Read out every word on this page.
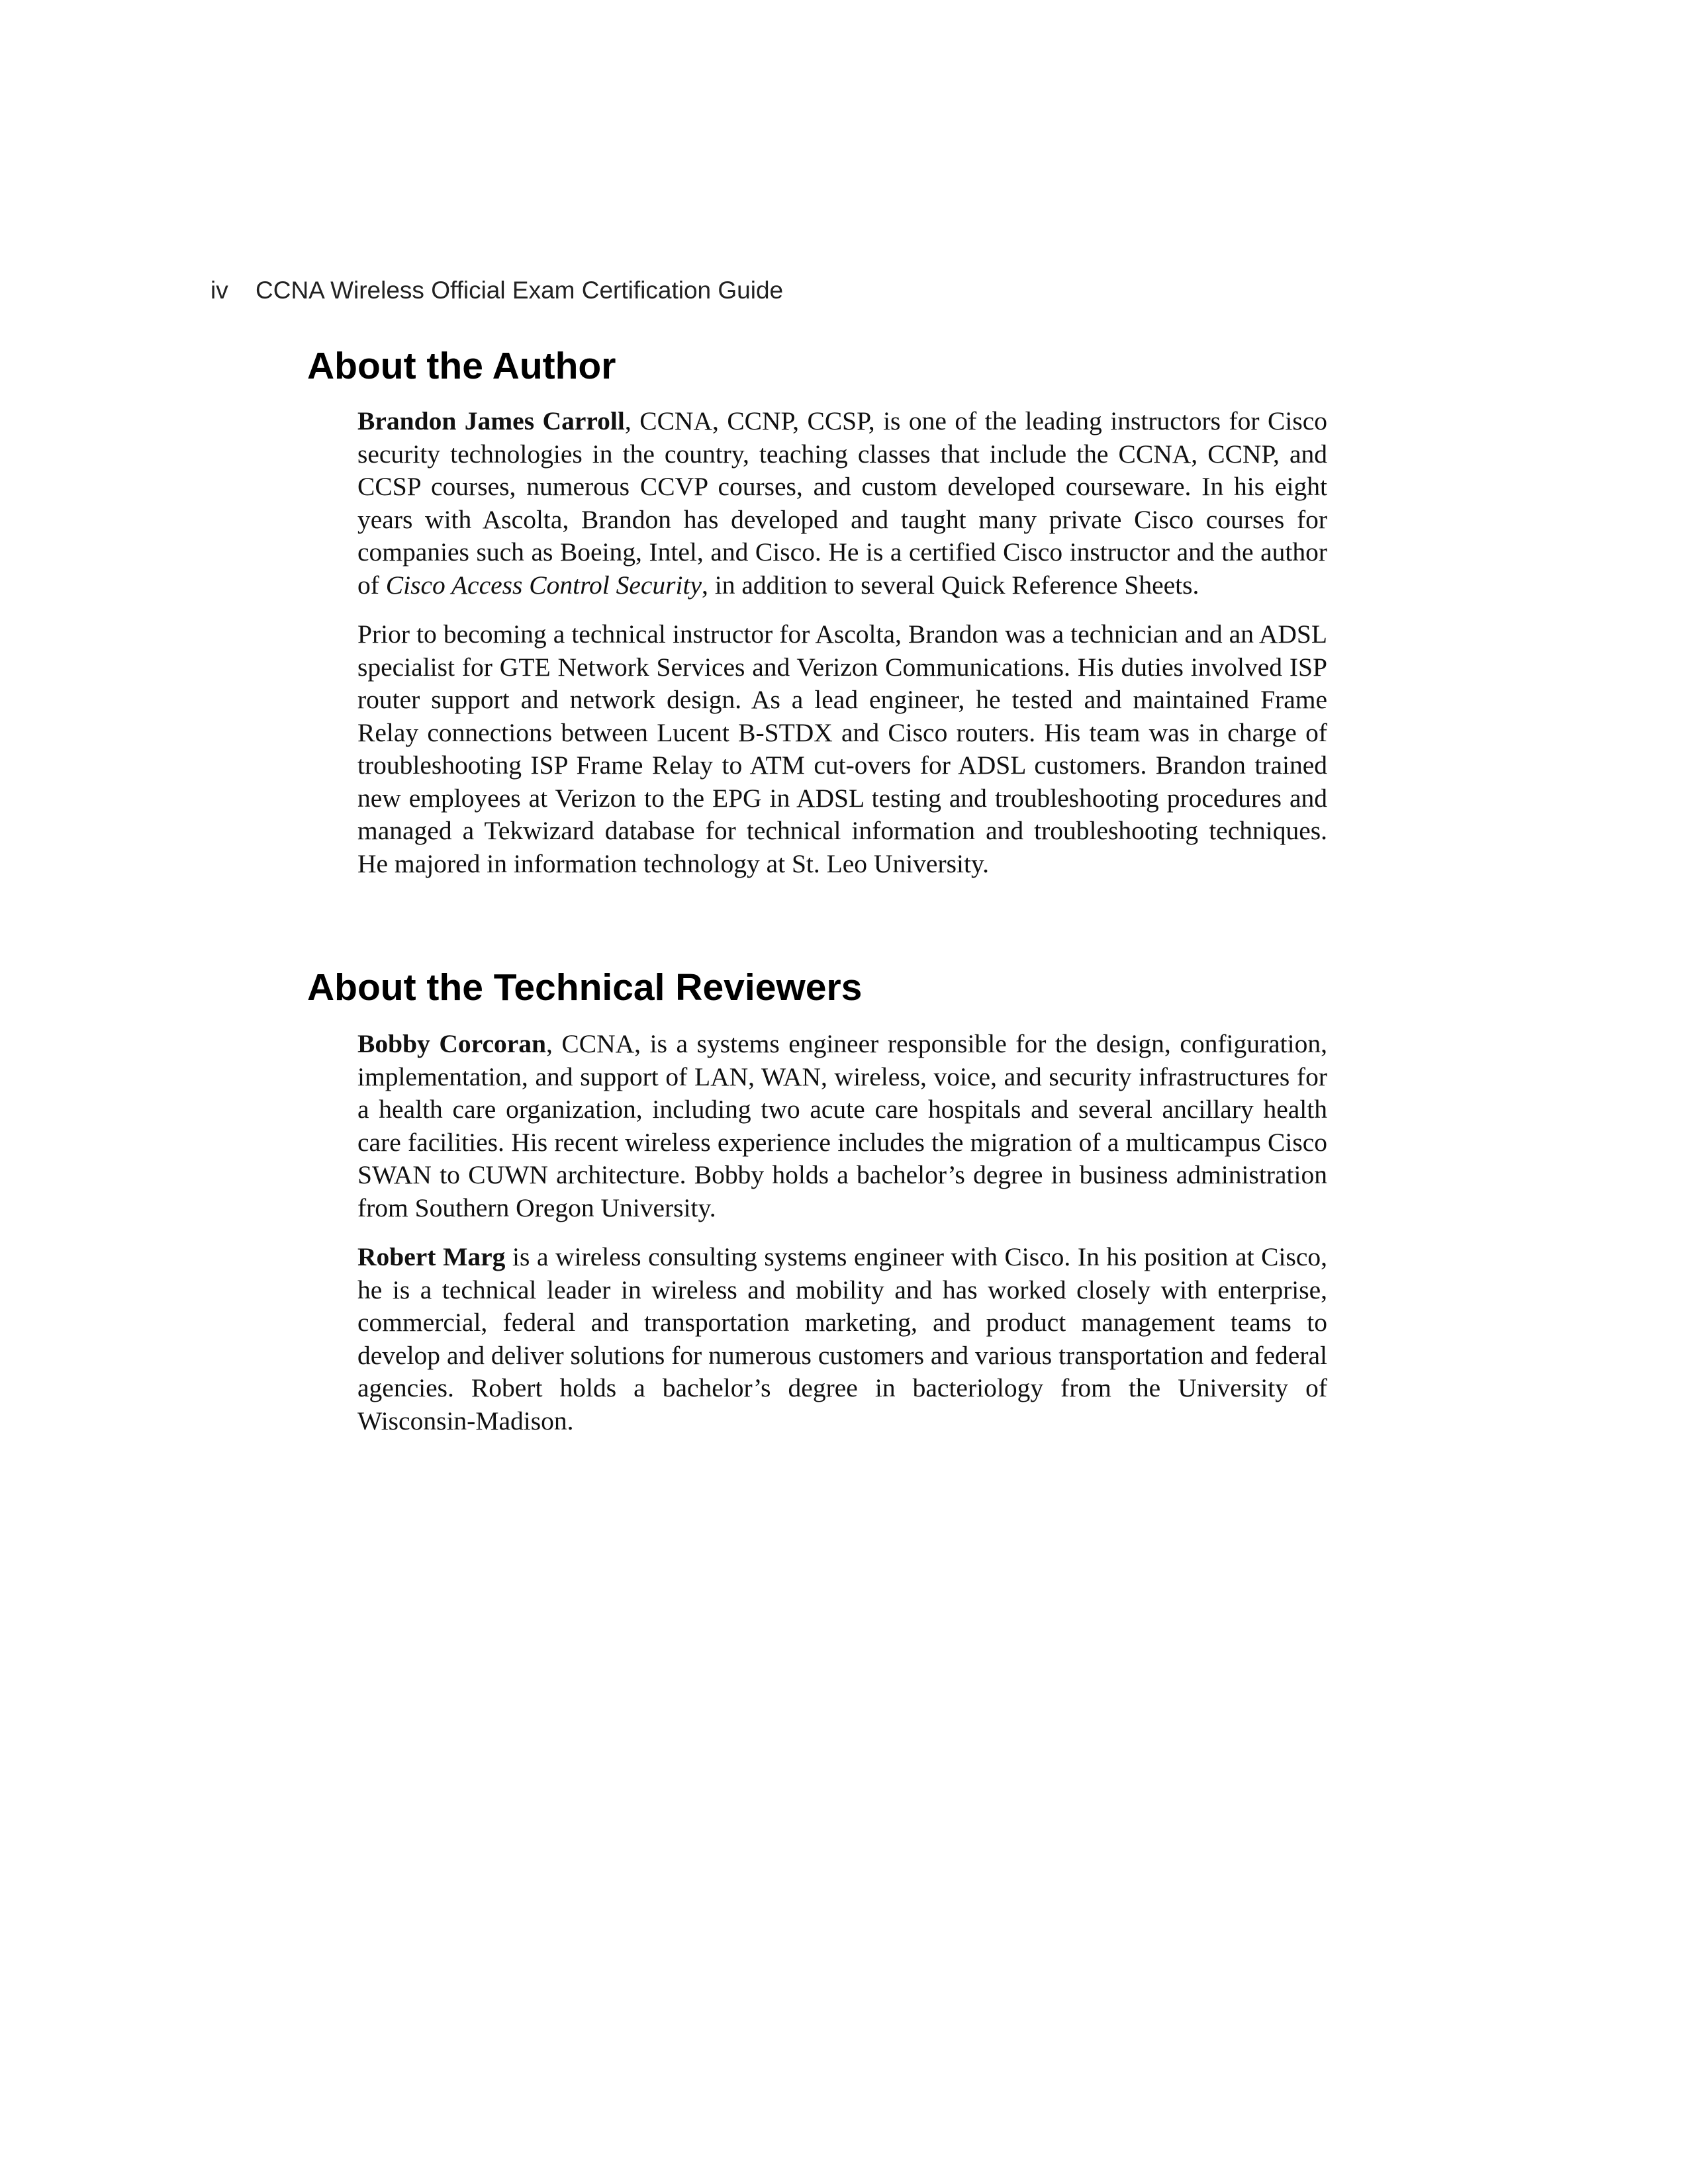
iv CCNA Wireless Official Exam Certification Guide
About the Author

Brandon James Carroll, CCNA, CCNP, CCSP, is one of the leading instructors for Cisco security technologies in the country, teaching classes that include the CCNA, CCNP, and CCSP courses, numerous CCVP courses, and custom developed courseware. In his eight years with Ascolta, Brandon has developed and taught many private Cisco courses for companies such as Boeing, Intel, and Cisco. He is a certified Cisco instructor and the author of Cisco Access Control Security, in addition to several Quick Reference Sheets.

Prior to becoming a technical instructor for Ascolta, Brandon was a technician and an ADSL specialist for GTE Network Services and Verizon Communications. His duties involved ISP router support and network design. As a lead engineer, he tested and maintained Frame Relay connections between Lucent B-STDX and Cisco routers. His team was in charge of troubleshooting ISP Frame Relay to ATM cut-overs for ADSL customers. Brandon trained new employees at Verizon to the EPG in ADSL testing and troubleshooting procedures and managed a Tekwizard database for technical information and troubleshooting techniques. He majored in information technology at St. Leo University.

About the Technical Reviewers

Bobby Corcoran, CCNA, is a systems engineer responsible for the design, configuration, implementation, and support of LAN, WAN, wireless, voice, and security infrastructures for a health care organization, including two acute care hospitals and several ancillary health care facilities. His recent wireless experience includes the migration of a multicampus Cisco SWAN to CUWN architecture. Bobby holds a bachelor’s degree in business administration from Southern Oregon University.

Robert Marg is a wireless consulting systems engineer with Cisco. In his position at Cisco, he is a technical leader in wireless and mobility and has worked closely with enterprise, commercial, federal and transportation marketing, and product management teams to develop and deliver solutions for numerous customers and various transportation and federal agencies. Robert holds a bachelor’s degree in bacteriology from the University of Wisconsin-Madison.
